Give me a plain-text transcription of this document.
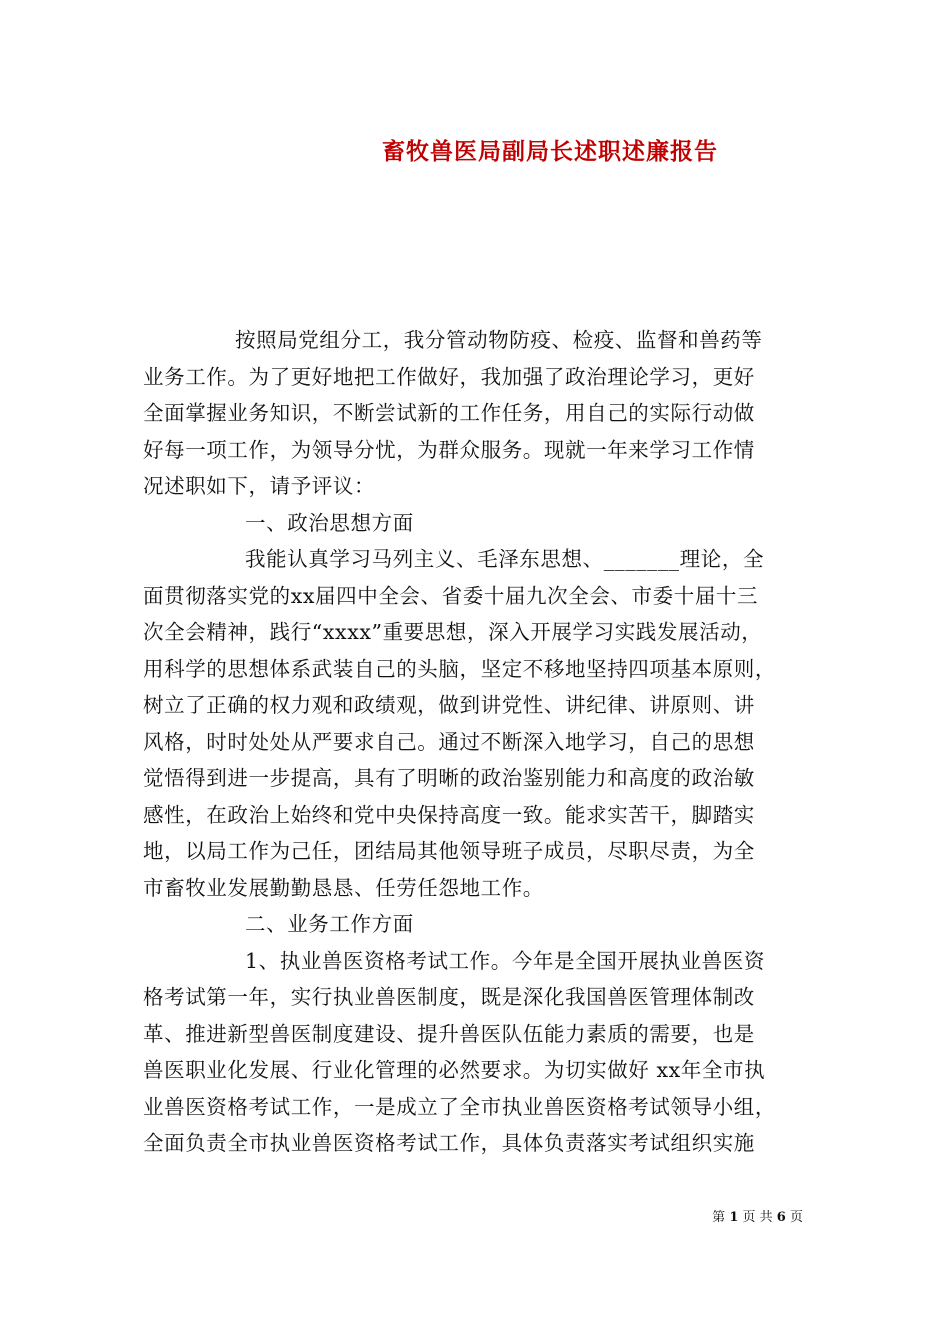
畜牧兽医局副局长述职述廉报告
按照局党组分工，我分管动物防疫、检疫、监督和兽药等
业务工作。为了更好地把工作做好，我加强了政治理论学习，更好
全面掌握业务知识，不断尝试新的工作任务，用自己的实际行动做
好每一项工作，为领导分忧，为群众服务。现就一年来学习工作情
况述职如下，请予评议：
一、政治思想方面
我能认真学习马列主义、毛泽东思想、_______理论，全
面贯彻落实党的xx届四中全会、省委十届九次全会、市委十届十三
次全会精神，践行“xxxx”重要思想，深入开展学习实践发展活动，
用科学的思想体系武装自己的头脑，坚定不移地坚持四项基本原则，
树立了正确的权力观和政绩观，做到讲党性、讲纪律、讲原则、讲
风格，时时处处从严要求自己。通过不断深入地学习，自己的思想
觉悟得到进一步提高，具有了明晰的政治鉴别能力和高度的政治敏
感性，在政治上始终和党中央保持高度一致。能求实苦干，脚踏实
地，以局工作为己任，团结局其他领导班子成员，尽职尽责，为全
市畜牧业发展勤勤恳恳、任劳任怨地工作。
二、业务工作方面
1、执业兽医资格考试工作。今年是全国开展执业兽医资
格考试第一年，实行执业兽医制度，既是深化我国兽医管理体制改
革、推进新型兽医制度建设、提升兽医队伍能力素质的需要，也是
兽医职业化发展、行业化管理的必然要求。为切实做好 xx年全市执
业兽医资格考试工作，一是成立了全市执业兽医资格考试领导小组，
全面负责全市执业兽医资格考试工作，具体负责落实考试组织实施
第 1 页 共 6 页
